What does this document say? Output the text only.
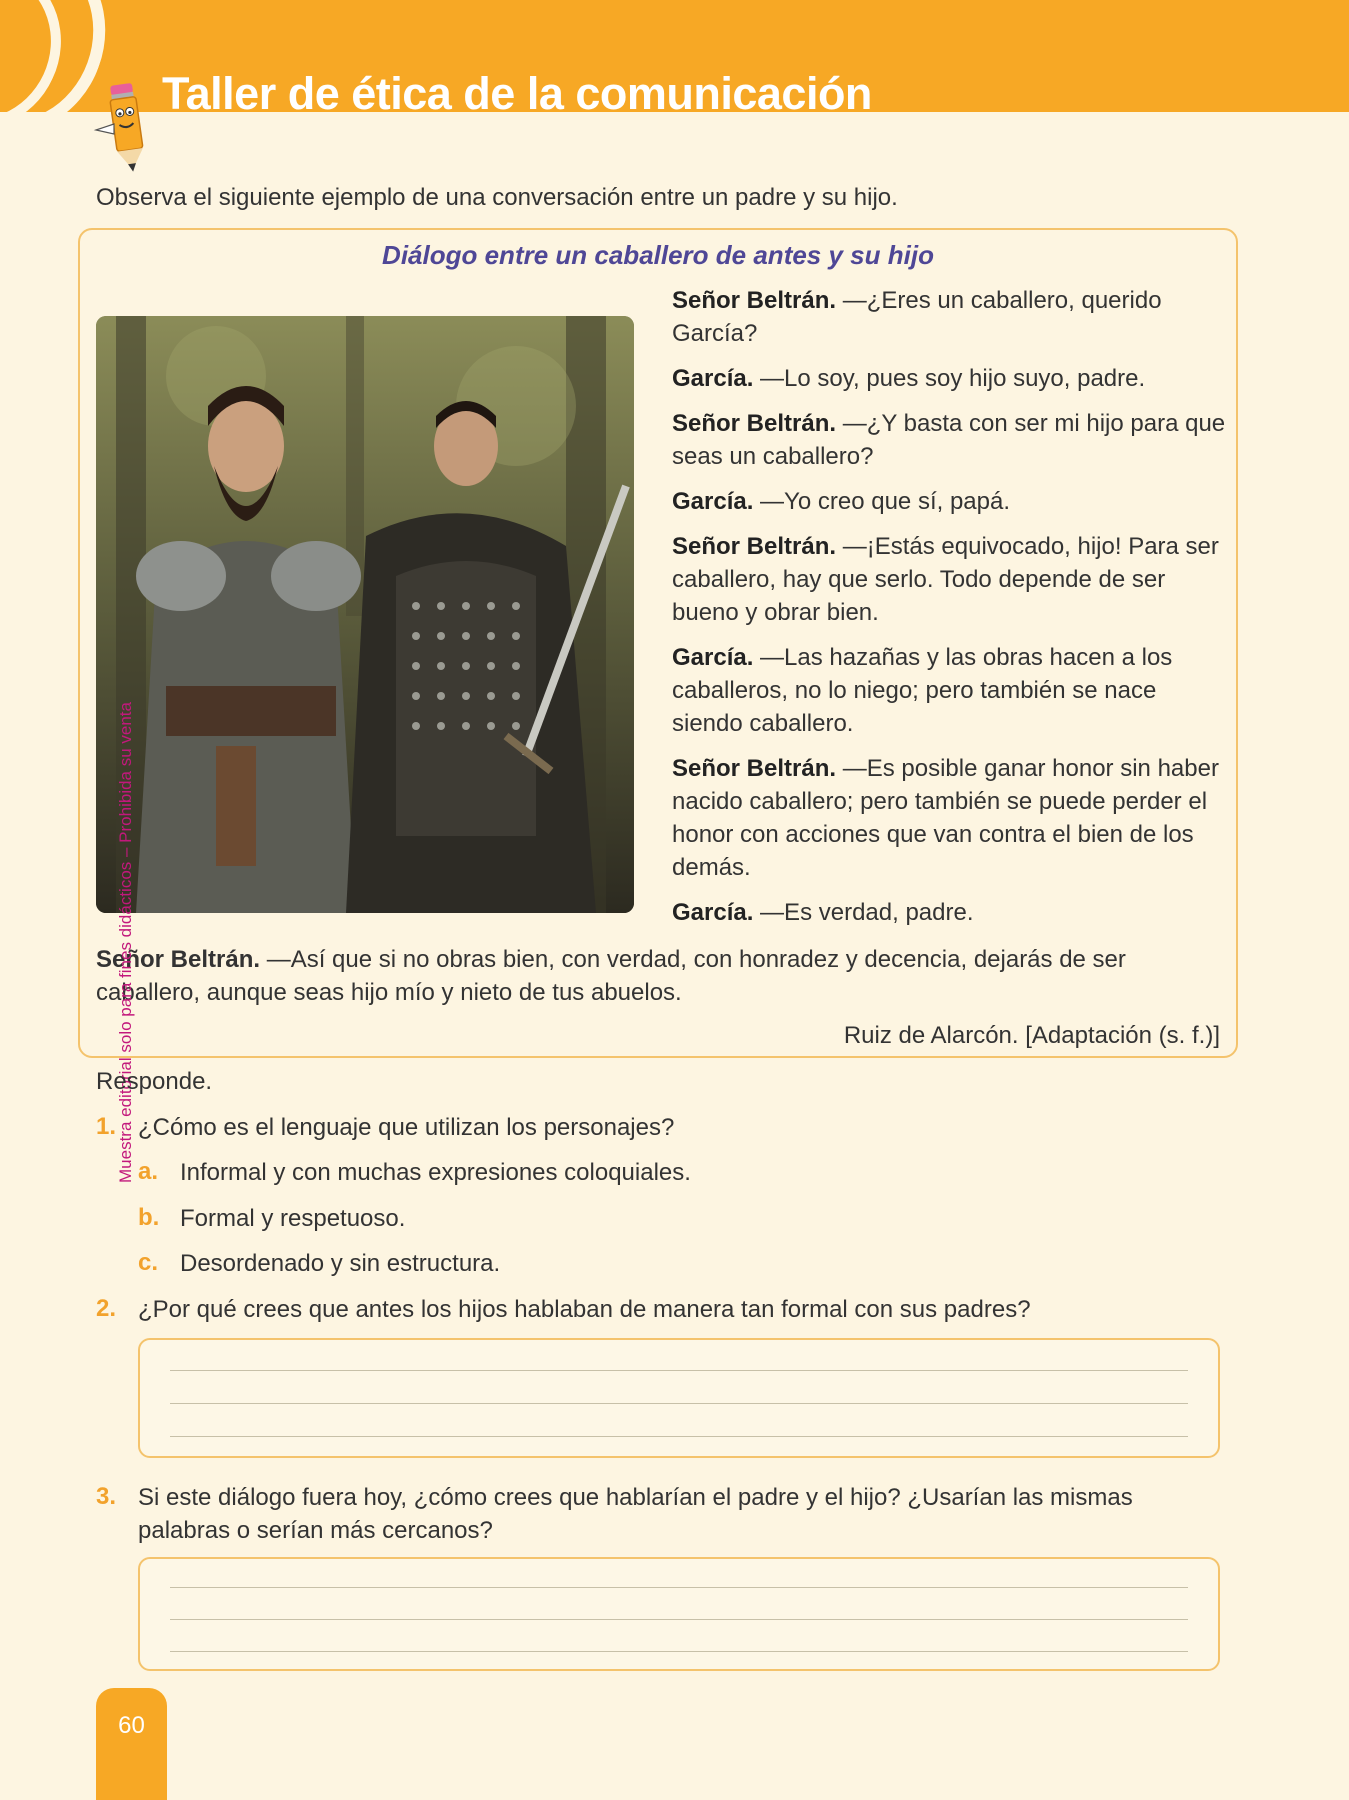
Taller de ética de la comunicación

Observa el siguiente ejemplo de una conversación entre un padre y su hijo.

Diálogo entre un caballero de antes y su hijo

Señor Beltrán. —¿Eres un caballero, querido García?

García. —Lo soy, pues soy hijo suyo, padre.

Señor Beltrán. —¿Y basta con ser mi hijo para que seas un caballero?

García. —Yo creo que sí, papá.

Señor Beltrán. —¡Estás equivocado, hijo! Para ser caballero, hay que serlo. Todo depende de ser bueno y obrar bien.

García. —Las hazañas y las obras hacen a los caballeros, no lo niego; pero también se nace siendo caballero.

Señor Beltrán. —Es posible ganar honor sin haber nacido caballero; pero también se puede perder el honor con acciones que van contra el bien de los demás.

García. —Es verdad, padre.

Señor Beltrán. —Así que si no obras bien, con verdad, con honradez y decencia, dejarás de ser caballero, aunque seas hijo mío y nieto de tus abuelos.

Ruiz de Alarcón. [Adaptación (s. f.)]

Muestra editorial solo para fines didácticos – Prohibida su venta

Responde.

1. ¿Cómo es el lenguaje que utilizan los personajes?

a. Informal y con muchas expresiones coloquiales.

b. Formal y respetuoso.

c. Desordenado y sin estructura.

2. ¿Por qué crees que antes los hijos hablaban de manera tan formal con sus padres?

3. Si este diálogo fuera hoy, ¿cómo crees que hablarían el padre y el hijo? ¿Usarían las mismas palabras o serían más cercanos?

60
